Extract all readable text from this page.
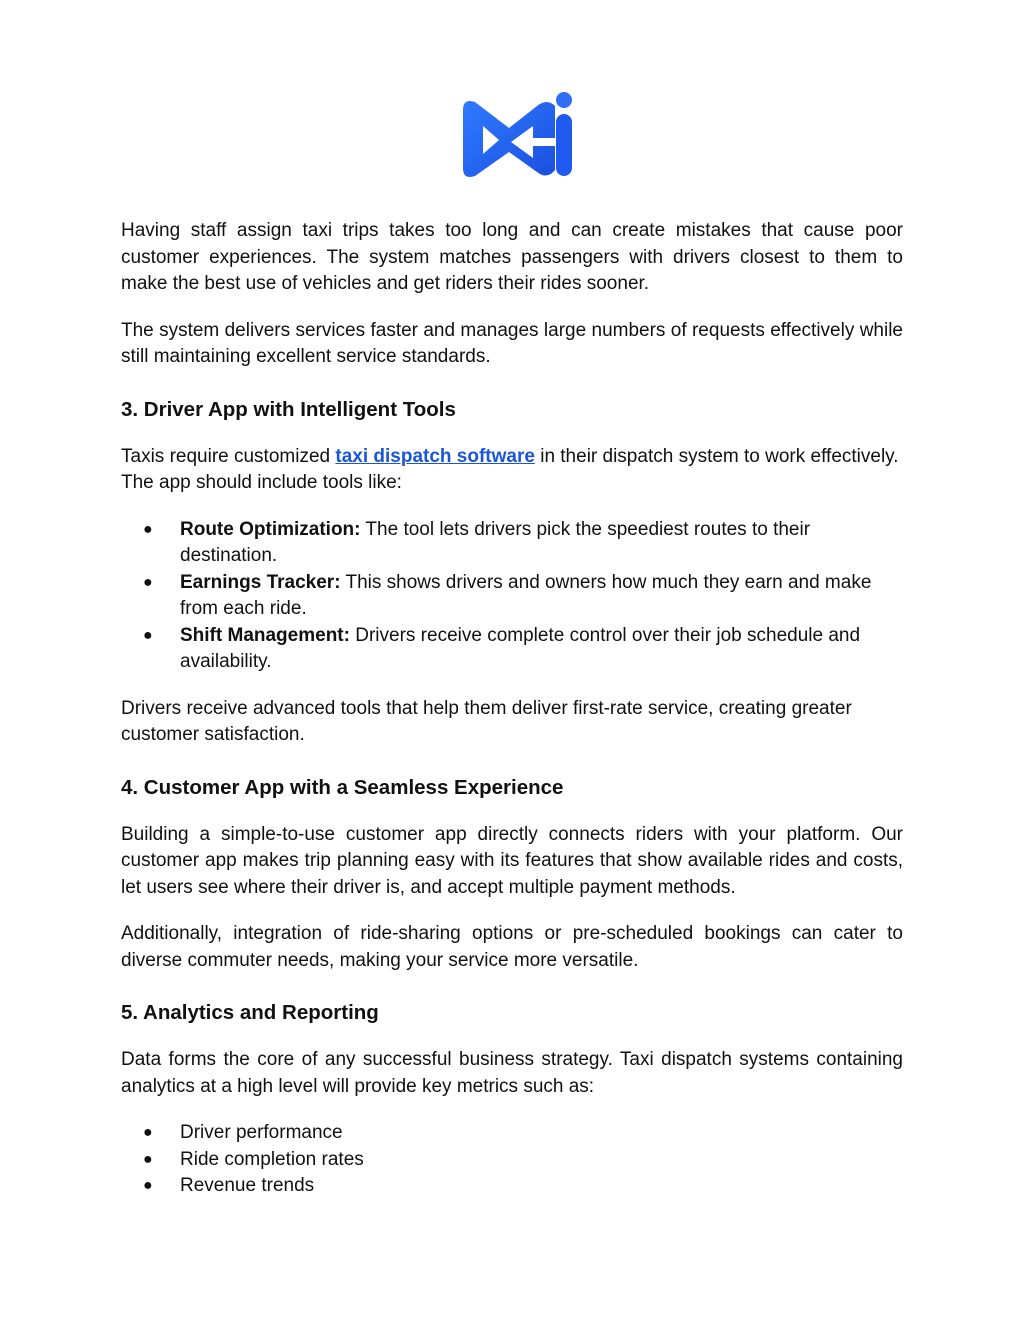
Having staff assign taxi trips takes too long and can create mistakes that cause poor customer experiences. The system matches passengers with drivers closest to them to make the best use of vehicles and get riders their rides sooner.

The system delivers services faster and manages large numbers of requests effectively while still maintaining excellent service standards.

3. Driver App with Intelligent Tools

Taxis require customized taxi dispatch software in their dispatch system to work effectively. The app should include tools like:

● Route Optimization: The tool lets drivers pick the speediest routes to their destination.
● Earnings Tracker: This shows drivers and owners how much they earn and make from each ride.
● Shift Management: Drivers receive complete control over their job schedule and availability.

Drivers receive advanced tools that help them deliver first-rate service, creating greater customer satisfaction.

4. Customer App with a Seamless Experience

Building a simple-to-use customer app directly connects riders with your platform. Our customer app makes trip planning easy with its features that show available rides and costs, let users see where their driver is, and accept multiple payment methods.

Additionally, integration of ride-sharing options or pre-scheduled bookings can cater to diverse commuter needs, making your service more versatile.

5. Analytics and Reporting

Data forms the core of any successful business strategy. Taxi dispatch systems containing analytics at a high level will provide key metrics such as:

● Driver performance
● Ride completion rates
● Revenue trends
